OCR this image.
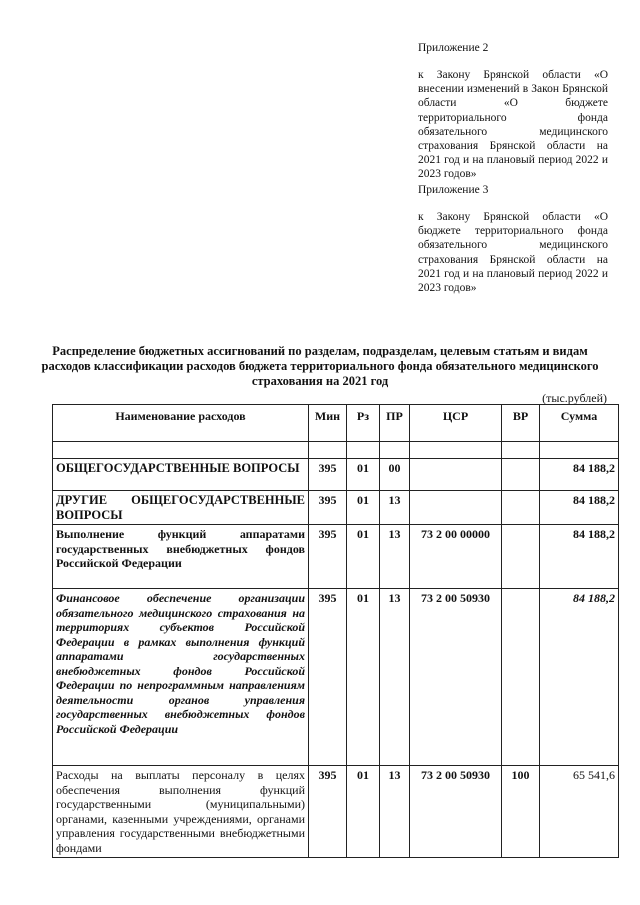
Приложение 2
к Закону Брянской области «О внесении изменений в Закон Брянской области «О бюджете территориального фонда обязательного медицинского страхования Брянской области на 2021 год и на плановый период 2022 и 2023 годов»
Приложение 3
к Закону Брянской области «О бюджете территориального фонда обязательного медицинского страхования Брянской области на 2021 год и на плановый период 2022 и 2023 годов»
Распределение бюджетных ассигнований по разделам, подразделам, целевым статьям и видам расходов классификации расходов бюджета территориального фонда обязательного медицинского страхования на 2021 год
(тыс.рублей)
Наименование расходов	Мин	Рз	ПР	ЦСР	ВР	Сумма

ОБЩЕГОСУДАРСТВЕННЫЕ ВОПРОСЫ	395	01	00			84 188,2
ДРУГИЕ ОБЩЕГОСУДАРСТВЕННЫЕ ВОПРОСЫ	395	01	13			84 188,2
Выполнение функций аппаратами государственных внебюджетных фондов Российской Федерации	395	01	13	73 2 00 00000		84 188,2
Финансовое обеспечение организации обязательного медицинского страхования на территориях субъектов Российской Федерации в рамках выполнения функций аппаратами государственных внебюджетных фондов Российской Федерации по непрограммным направлениям деятельности органов управления государственных внебюджетных фондов Российской Федерации	395	01	13	73 2 00 50930		84 188,2
Расходы на выплаты персоналу в целях обеспечения выполнения функций государственными (муниципальными) органами, казенными учреждениями, органами управления государственными внебюджетными фондами	395	01	13	73 2 00 50930	100	65 541,6
